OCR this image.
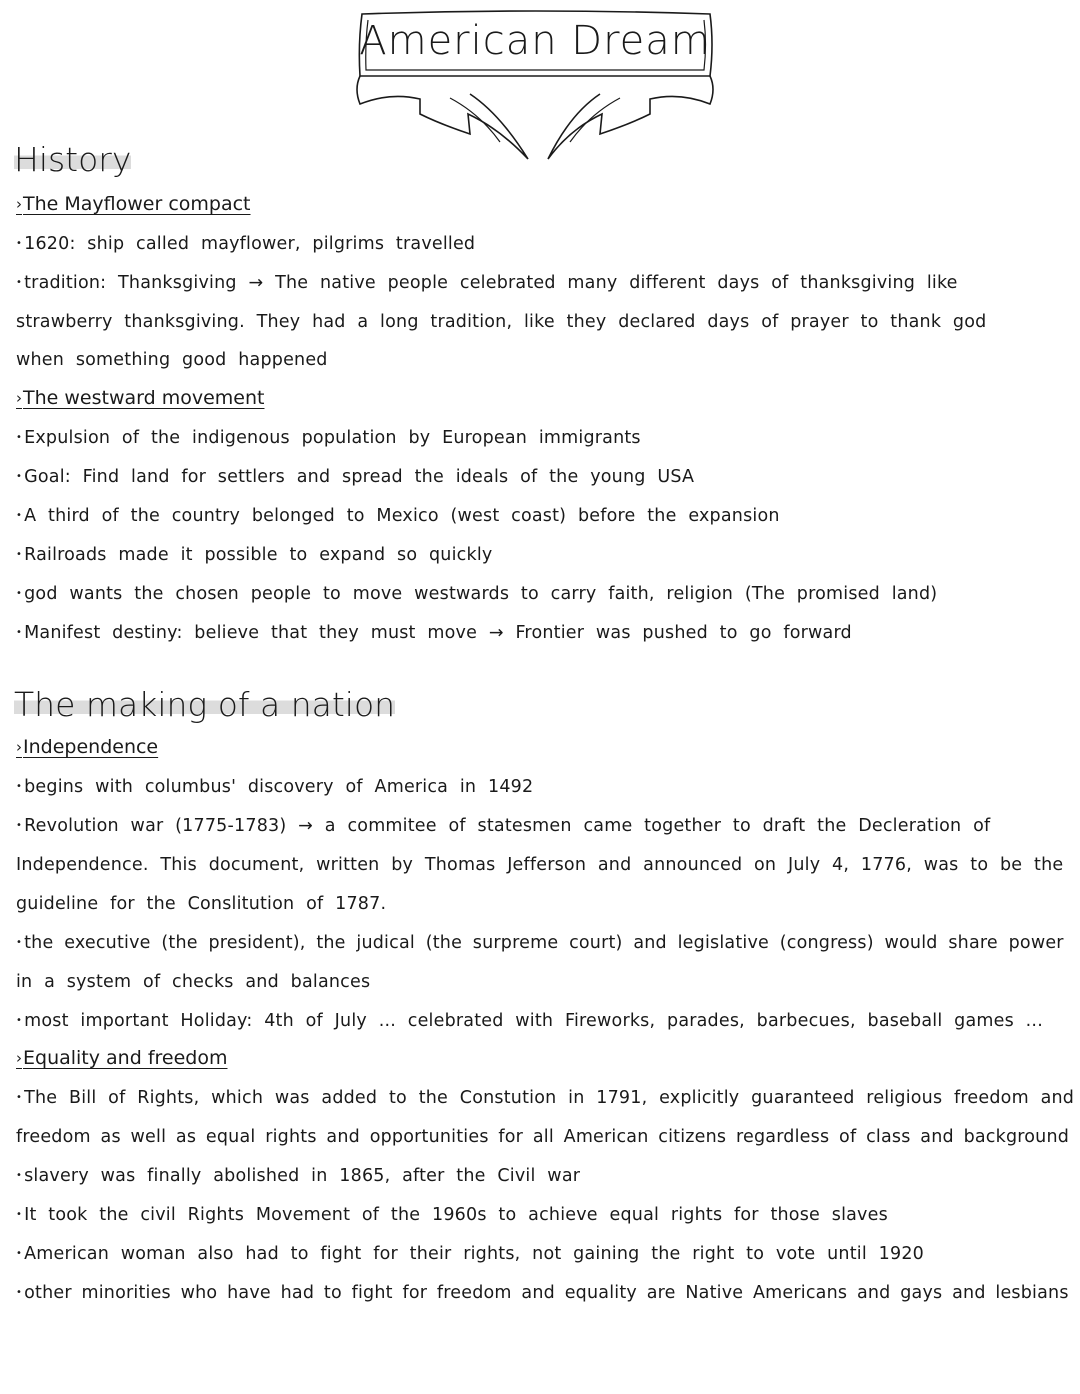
American Dream
History
› The Mayflower compact
• 1620: ship called mayflower, pilgrims travelled
• tradition: Thanksgiving → The native people celebrated many different days of thanksgiving like
strawberry thanksgiving. They had a long tradition, like they declared days of prayer to thank god
when something good happened
› The westward movement
• Expulsion of the indigenous population by European immigrants
• Goal: Find land for settlers and spread the ideals of the young USA
• A third of the country belonged to Mexico (west coast) before the expansion
• Railroads made it possible to expand so quickly
• god wants the chosen people to move westwards to carry faith, religion (The promised land)
• Manifest destiny: believe that they must move → Frontier was pushed to go forward
The making of a nation
› Independence
• begins with columbus' discovery of America in 1492
• Revolution war (1775-1783) → a commitee of statesmen came together to draft the Decleration of
Independence. This document, written by Thomas Jefferson and announced on July 4, 1776, was to be the
guideline for the Conslitution of 1787.
• the executive (the president), the judical (the surpreme court) and legislative (congress) would share power
in a system of checks and balances
• most important Holiday: 4th of July ... celebrated with Fireworks, parades, barbecues, baseball games ...
› Equality and freedom
• The Bill of Rights, which was added to the Constution in 1791, explicitly guaranteed religious freedom and
freedom as well as equal rights and opportunities for all American citizens regardless of class and background
• slavery was finally abolished in 1865, after the Civil war
• It took the civil Rights Movement of the 1960s to achieve equal rights for those slaves
• American woman also had to fight for their rights, not gaining the right to vote until 1920
• other minorities who have had to fight for freedom and equality are Native Americans and gays and lesbians
